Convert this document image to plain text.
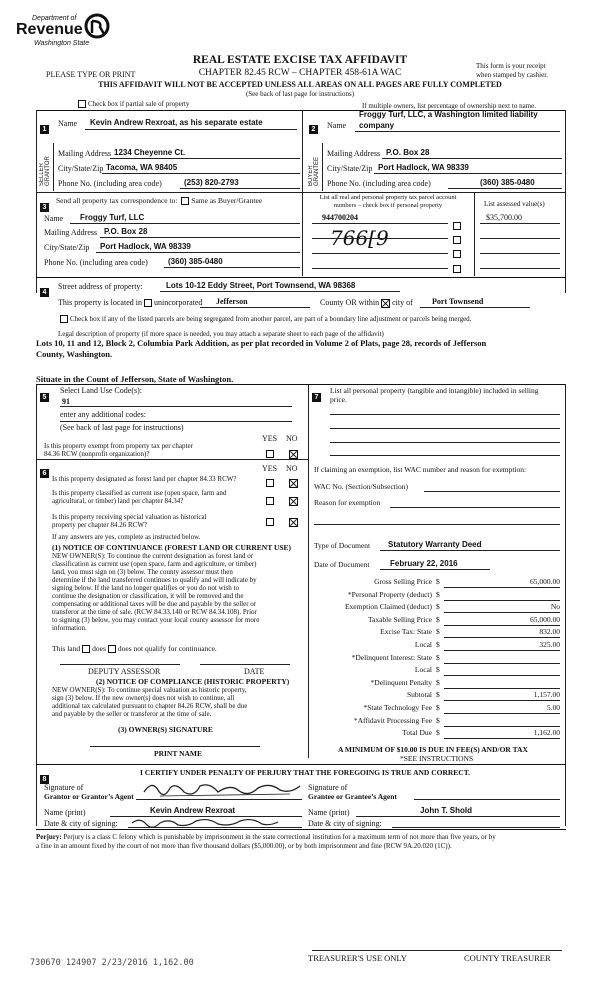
Department of
Revenue
Washington State
PLEASE TYPE OR PRINT
REAL ESTATE EXCISE TAX AFFIDAVIT
CHAPTER 82.45 RCW – CHAPTER 458-61A WAC
THIS AFFIDAVIT WILL NOT BE ACCEPTED UNLESS ALL AREAS ON ALL PAGES ARE FULLY COMPLETED
(See back of last page for instructions)
This form is your receipt
when stamped by cashier.
Check box if partial sale of property	If multiple owners, list percentage of ownership next to name.
1
Name Kevin Andrew Rexroat, as his separate estate
SELLER GRANTOR
Mailing Address 1234 Cheyenne Ct.
City/State/Zip Tacoma, WA 98405
Phone No. (including area code)	(253) 820-2793
2	Name
Froggy Turf, LLC, a Washington limited liability
company
BUYER GRANTEE
Mailing Address P.O. Box 28
City/State/Zip Port Hadlock, WA 98339
Phone No. (including area code)	(360) 385-0480
3
Send all property tax correspondence to: Same as Buyer/Grantee
Name Froggy Turf, LLC
Mailing Address P.O. Box 28
City/State/Zip Port Hadlock, WA 98339
Phone No. (including area code)	(360) 385-0480
List all real and personal property tax parcel account numbers – check box if personal property	List assessed value(s)
944700204	$35,700.00
766[9
4
Street address of property:	Lots 10-12 Eddy Street, Port Townsend, WA 98368
This property is located in unincorporated Jefferson	County OR within city of Port Townsend
Check box if any of the listed parcels are being segregated from another parcel, are part of a boundary line adjustment or parcels being merged.
Legal description of property (if more space is needed, you may attach a separate sheet to each page of the affidavit)
Lots 10, 11 and 12, Block 2, Columbia Park Addition, as per plat recorded in Volume 2 of Plats, page 28, records of Jefferson
County, Washington.
Situate in the Count of Jefferson, State of Washington.
5
Select Land Use Code(s):
91
enter any additional codes:
(See back of last page for instructions)
YES NO
Is this property exempt from property tax per chapter
84.36 RCW (nonprofit organization)?
6
YES NO
Is this property designated as forest land per chapter 84.33 RCW?
Is this property classified as current use (open space, farm and
agricultural, or timber) land per chapter 84.34?
Is this property receiving special valuation as historical
property per chapter 84.26 RCW?
If any answers are yes, complete as instructed below.
(1) NOTICE OF CONTINUANCE (FOREST LAND OR CURRENT USE)
NEW OWNER(S): To continue the current designation as forest land or
classification as current use (open space, farm and agriculture, or timber)
land, you must sign on (3) below. The county assessor must then
determine if the land transferred continues to qualify and will indicate by
signing below. If the land no longer qualifies or you do not wish to
continue the designation or classification, it will be removed and the
compensating or additional taxes will be due and payable by the seller or
transferor at the time of sale. (RCW 84.33.140 or RCW 84.34.108). Prior
to signing (3) below, you may contact your local county assessor for more
information.
This land does does not qualify for continuance.
DEPUTY ASSESSOR	DATE
(2) NOTICE OF COMPLIANCE (HISTORIC PROPERTY)
NEW OWNER(S): To continue special valuation as historic property,
sign (3) below. If the new owner(s) does not wish to continue, all
additional tax calculated pursuant to chapter 84.26 RCW, shall be due
and payable by the seller or transferor at the time of sale.
(3) OWNER(S) SIGNATURE
PRINT NAME
7
List all personal property (tangible and intangible) included in selling
price.
If claiming an exemption, list WAC number and reason for exemption:
WAC No. (Section/Subsection)
Reason for exemption
Type of Document Statutory Warranty Deed
Date of Document	February 22, 2016
Gross Selling Price $	65,000.00
*Personal Property (deduct) $
Exemption Claimed (deduct) $	No
Taxable Selling Price $	65,000.00
Excise Tax: State $	832.00
Local $	325.00
*Delinquent Interest: State $
Local $
*Delinquent Penalty $
Subtotal $	1,157.00
*State Technology Fee $	5.00
*Affidavit Processing Fee $
Total Due $	1,162.00
A MINIMUM OF $10.00 IS DUE IN FEE(S) AND/OR TAX
*SEE INSTRUCTIONS
8
I CERTIFY UNDER PENALTY OF PERJURY THAT THE FOREGOING IS TRUE AND CORRECT.
Signature of
Grantor or Grantor’s Agent
Signature of
Grantee or Grantee’s Agent
Name (print)	Kevin Andrew Rexroat	Name (print)	John T. Shold
Date & city of signing:	Date & city of signing:
Perjury: Perjury is a class C felony which is punishable by imprisonment in the state correctional institution for a maximum term of not more than five years, or by
a fine in an amount fixed by the court of not more than five thousand dollars ($5,000.00), or by both imprisonment and fine (RCW 9A.20.020 (1C)).
730670 124907 2/23/2016 1,162.00	TREASURER'S USE ONLY	COUNTY TREASURER
